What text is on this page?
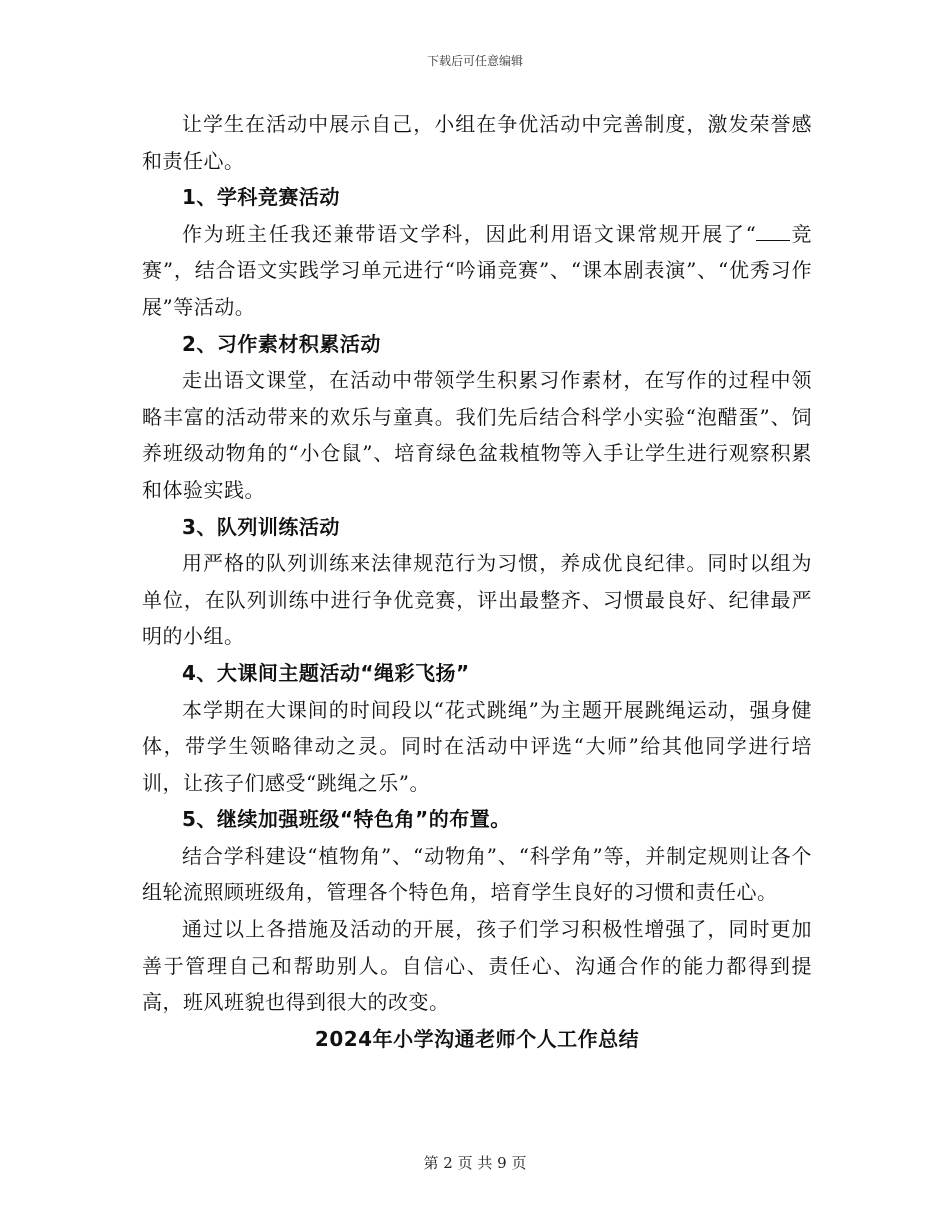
下载后可任意编辑

让学生在活动中展示自己，小组在争优活动中完善制度，激发荣誉感和责任心。

1、学科竞赛活动

作为班主任我还兼带语文学科，因此利用语文课常规开展了“ 竞赛”，结合语文实践学习单元进行“吟诵竞赛”、“课本剧表演”、“优秀习作展”等活动。

2、习作素材积累活动

走出语文课堂，在活动中带领学生积累习作素材，在写作的过程中领略丰富的活动带来的欢乐与童真。我们先后结合科学小实验“泡醋蛋”、饲养班级动物角的“小仓鼠”、培育绿色盆栽植物等入手让学生进行观察积累和体验实践。

3、队列训练活动

用严格的队列训练来法律规范行为习惯，养成优良纪律。同时以组为单位，在队列训练中进行争优竞赛，评出最整齐、习惯最良好、纪律最严明的小组。

4、大课间主题活动“绳彩飞扬”

本学期在大课间的时间段以“花式跳绳”为主题开展跳绳运动，强身健体，带学生领略律动之灵。同时在活动中评选“大师”给其他同学进行培训，让孩子们感受“跳绳之乐”。

5、继续加强班级“特色角”的布置。

结合学科建设“植物角”、“动物角”、“科学角”等，并制定规则让各个组轮流照顾班级角，管理各个特色角，培育学生良好的习惯和责任心。

通过以上各措施及活动的开展，孩子们学习积极性增强了，同时更加善于管理自己和帮助别人。自信心、责任心、沟通合作的能力都得到提高，班风班貌也得到很大的改变。

2024年小学沟通老师个人工作总结

第 2 页 共 9 页
